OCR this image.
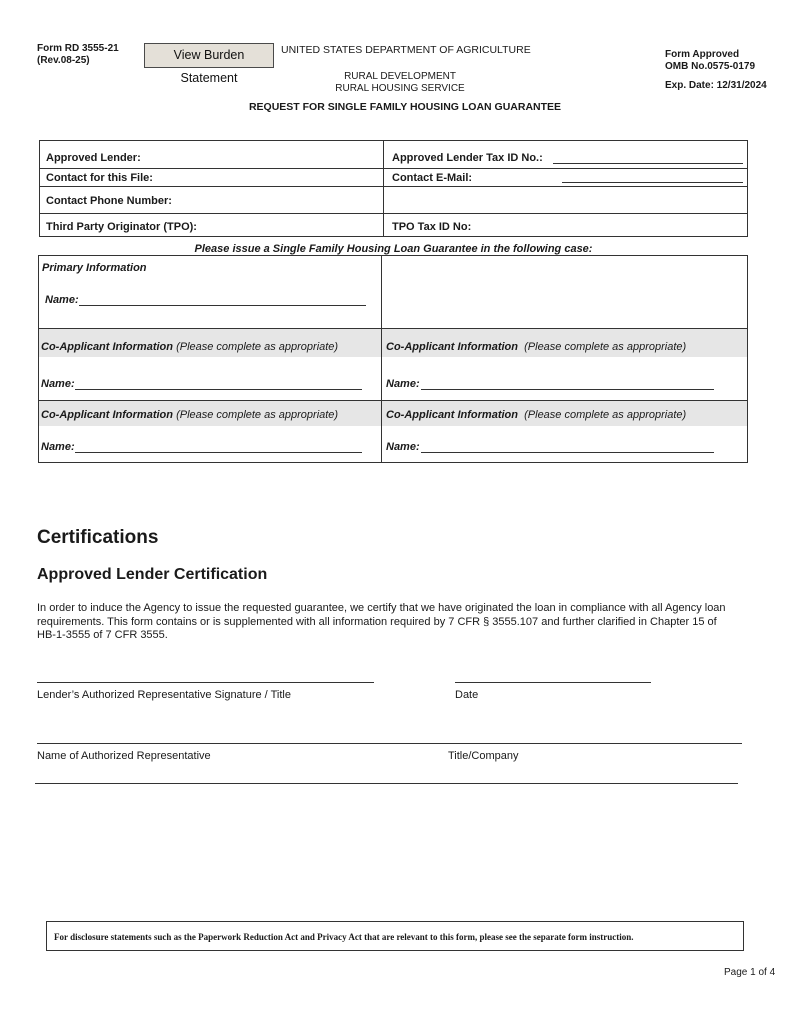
Form RD 3555-21
(Rev.08-25)	View Burden Statement
UNITED STATES DEPARTMENT OF AGRICULTURE
RURAL DEVELOPMENT
RURAL HOUSING SERVICE
REQUEST FOR SINGLE FAMILY HOUSING LOAN GUARANTEE
Form Approved
OMB No.0575-0179
Exp. Date: 12/31/2024
Approved Lender:	Approved Lender Tax ID No.:
Contact for this File:	Contact E-Mail:
Contact Phone Number:
Third Party Originator (TPO):	TPO Tax ID No:
Please issue a Single Family Housing Loan Guarantee in the following case:
Primary Information
Name:
Co-Applicant Information (Please complete as appropriate)	Co-Applicant Information (Please complete as appropriate)
Name:	Name:
Co-Applicant Information (Please complete as appropriate)	Co-Applicant Information (Please complete as appropriate)
Name:	Name:
Certifications
Approved Lender Certification
In order to induce the Agency to issue the requested guarantee, we certify that we have originated the loan in compliance with all Agency loan requirements. This form contains or is supplemented with all information required by 7 CFR § 3555.107 and further clarified in Chapter 15 of HB-1-3555 of 7 CFR 3555.
Lender’s Authorized Representative Signature / Title	Date
Name of Authorized Representative	Title/Company
For disclosure statements such as the Paperwork Reduction Act and Privacy Act that are relevant to this form, please see the separate form instruction.
Page 1 of 4
